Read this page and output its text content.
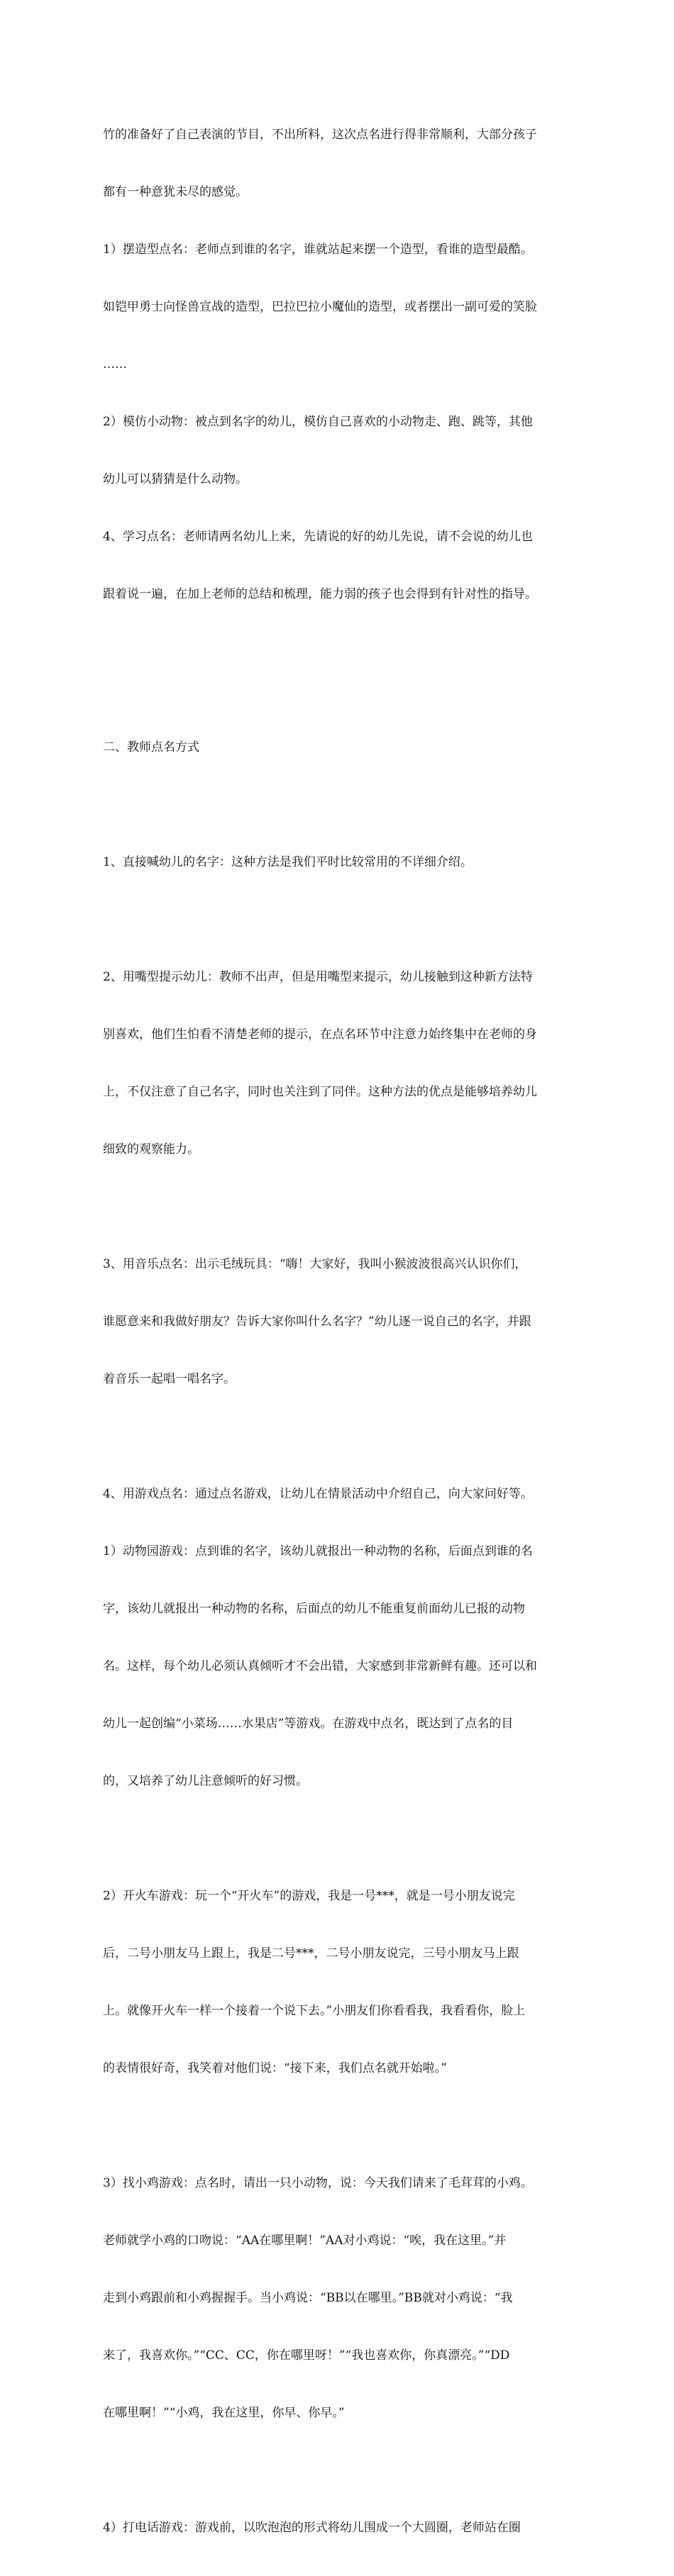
竹的准备好了自己表演的节目，不出所料，这次点名进行得非常顺利，大部分孩子

都有一种意犹未尽的感觉。

1）摆造型点名：老师点到谁的名字，谁就站起来摆一个造型，看谁的造型最酷。

如铠甲勇士向怪兽宣战的造型，巴拉巴拉小魔仙的造型，或者摆出一副可爱的笑脸

……

2）模仿小动物：被点到名字的幼儿，模仿自己喜欢的小动物走、跑、跳等，其他

幼儿可以猜猜是什么动物。

4、学习点名：老师请两名幼儿上来，先请说的好的幼儿先说，请不会说的幼儿也

跟着说一遍，在加上老师的总结和梳理，能力弱的孩子也会得到有针对性的指导。

二、教师点名方式

1、直接喊幼儿的名字：这种方法是我们平时比较常用的不详细介绍。

2、用嘴型提示幼儿：教师不出声，但是用嘴型来提示，幼儿接触到这种新方法特

别喜欢，他们生怕看不清楚老师的提示，在点名环节中注意力始终集中在老师的身

上，不仅注意了自己名字，同时也关注到了同伴。这种方法的优点是能够培养幼儿

细致的观察能力。

3、用音乐点名：出示毛绒玩具：“嗨！大家好，我叫小猴波波很高兴认识你们，

谁愿意来和我做好朋友？告诉大家你叫什么名字？”幼儿逐一说自己的名字，并跟

着音乐一起唱一唱名字。

4、用游戏点名：通过点名游戏，让幼儿在情景活动中介绍自己，向大家问好等。

1）动物园游戏：点到谁的名字，该幼儿就报出一种动物的名称，后面点到谁的名

字，该幼儿就报出一种动物的名称，后面点的幼儿不能重复前面幼儿已报的动物

名。这样，每个幼儿必须认真倾听才不会出错，大家感到非常新鲜有趣。还可以和

幼儿一起创编“小菜场……水果店”等游戏。在游戏中点名，既达到了点名的目

的，又培养了幼儿注意倾听的好习惯。

2）开火车游戏：玩一个“开火车”的游戏，我是一号***，就是一号小朋友说完

后，二号小朋友马上跟上，我是二号***，二号小朋友说完，三号小朋友马上跟

上。就像开火车一样一个接着一个说下去。”小朋友们你看看我，我看看你，脸上

的表情很好奇，我笑着对他们说：“接下来，我们点名就开始啦。”

3）找小鸡游戏：点名时，请出一只小动物，说：今天我们请来了毛茸茸的小鸡。

老师就学小鸡的口吻说：“AA在哪里啊！”AA对小鸡说：“唉，我在这里。”并

走到小鸡跟前和小鸡握握手。当小鸡说：“BB以在哪里。”BB就对小鸡说：“我

来了，我喜欢你。”“CC、CC，你在哪里呀！”“我也喜欢你，你真漂亮。”“DD

在哪里啊！”“小鸡，我在这里，你早、你早。”

4）打电话游戏：游戏前，以吹泡泡的形式将幼儿围成一个大圆圈，老师站在圈
